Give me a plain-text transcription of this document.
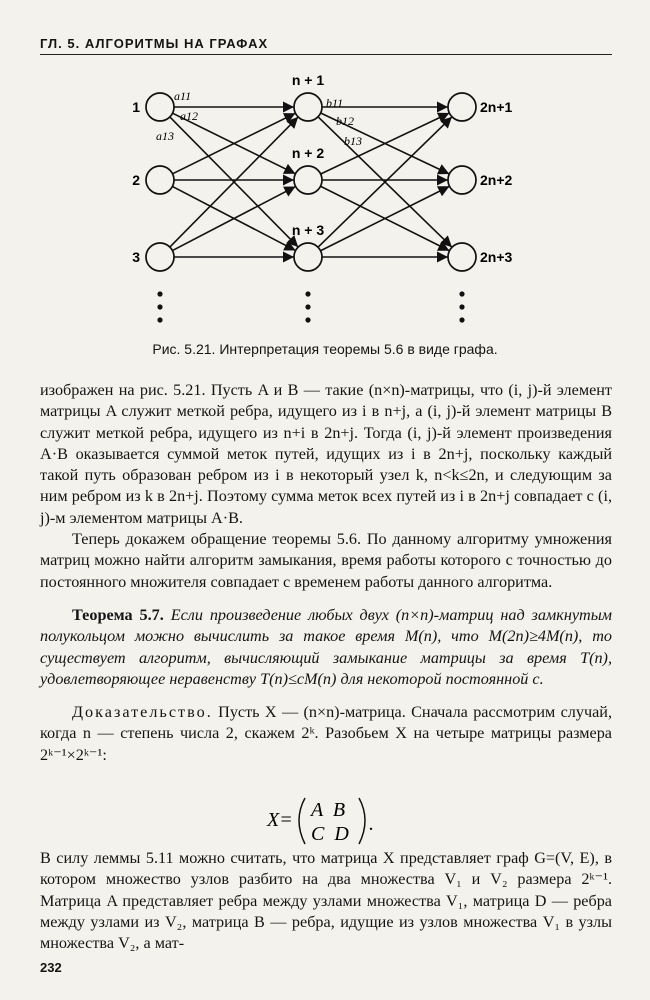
ГЛ. 5. АЛГОРИТМЫ НА ГРАФАХ
1
2
3
n + 1
n + 2
n + 3
2n+1
2n+2
2n+3
a11
a12
a13
b11
b12
b13
Рис. 5.21. Интерпретация теоремы 5.6 в виде графа.

изображен на рис. 5.21. Пусть A и B — такие (n×n)-матрицы, что (i, j)-й элемент матрицы A служит меткой ребра, идущего из i в n+j, а (i, j)-й элемент матрицы B служит меткой ребра, идущего из n+i в 2n+j. Тогда (i, j)-й элемент произведения A·B оказывается суммой меток путей, идущих из i в 2n+j, поскольку каждый такой путь образован ребром из i в некоторый узел k, n<k≤2n, и следующим за ним ребром из k в 2n+j. Поэтому сумма меток всех путей из i в 2n+j совпадает с (i, j)-м элементом матрицы A·B.

Теперь докажем обращение теоремы 5.6. По данному алгоритму умножения матриц можно найти алгоритм замыкания, время работы которого с точностью до постоянного множителя совпадает с временем работы данного алгоритма.

Теорема 5.7. Если произведение любых двух (n×n)-матриц над замкнутым полукольцом можно вычислить за такое время M(n), что M(2n)≥4M(n), то существует алгоритм, вычисляющий замыкание матрицы за время T(n), удовлетворяющее неравенству T(n)≤cM(n) для некоторой постоянной c.

Доказательство. Пусть X — (n×n)-матрица. Сначала рассмотрим случай, когда n — степень числа 2, скажем 2ᵏ. Разобьем X на четыре матрицы размера 2ᵏ⁻¹×2ᵏ⁻¹:

X= A  B
C  D .

В силу леммы 5.11 можно считать, что матрица X представляет граф G=(V, E), в котором множество узлов разбито на два множества V₁ и V₂ размера 2ᵏ⁻¹. Матрица A представляет ребра между узлами множества V₁, матрица D — ребра между узлами из V₂, матрица B — ребра, идущие из узлов множества V₁ в узлы множества V₂, а мат-

232
